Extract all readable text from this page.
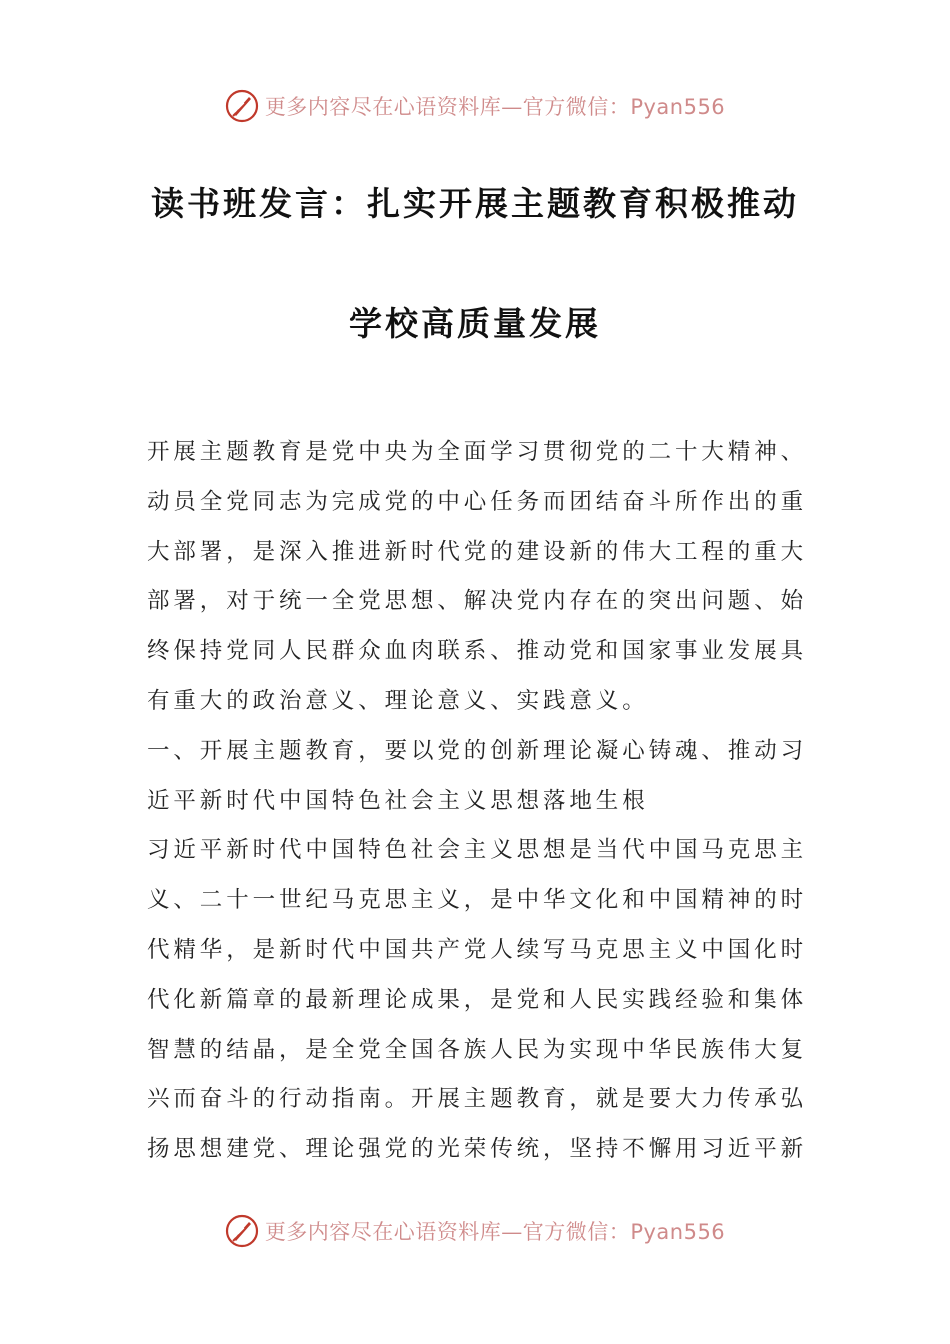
更多内容尽在心语资料库—官方微信：Pyan556
读书班发言：扎实开展主题教育积极推动
学校高质量发展

开展主题教育是党中央为全面学习贯彻党的二十大精神、动员全党同志为完成党的中心任务而团结奋斗所作出的重大部署，是深入推进新时代党的建设新的伟大工程的重大部署，对于统一全党思想、解决党内存在的突出问题、始终保持党同人民群众血肉联系、推动党和国家事业发展具有重大的政治意义、理论意义、实践意义。

一、开展主题教育，要以党的创新理论凝心铸魂、推动习近平新时代中国特色社会主义思想落地生根

习近平新时代中国特色社会主义思想是当代中国马克思主义、二十一世纪马克思主义，是中华文化和中国精神的时代精华，是新时代中国共产党人续写马克思主义中国化时代化新篇章的最新理论成果，是党和人民实践经验和集体智慧的结晶，是全党全国各族人民为实现中华民族伟大复兴而奋斗的行动指南。开展主题教育，就是要大力传承弘扬思想建党、理论强党的光荣传统，坚持不懈用习近平新

更多内容尽在心语资料库—官方微信：Pyan556
